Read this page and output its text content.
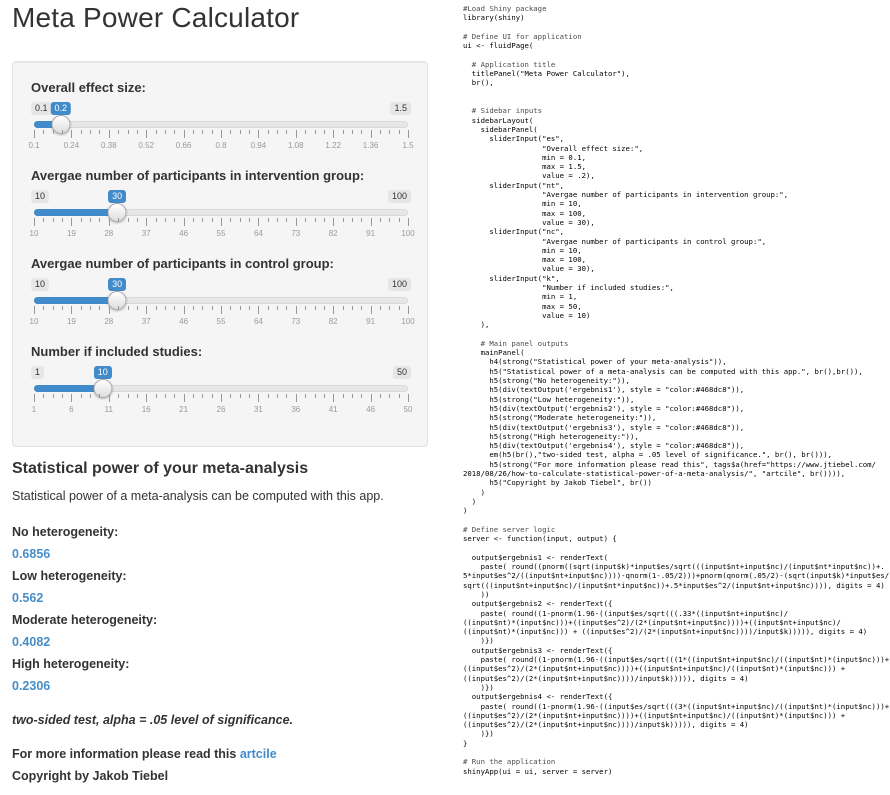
Meta Power Calculator
Overall effect size:
0.1	1.5
0.2
0.1	0.24	0.38	0.52	0.66	0.8	0.94	1.08	1.22	1.36	1.5
Avergae number of participants in intervention group:
10	100
30
10	19	28	37	46	55	64	73	82	91	100
Avergae number of participants in control group:
10	100
30
10	19	28	37	46	55	64	73	82	91	100
Number if included studies:
1	50
10
1	6	11	16	21	26	31	36	41	46	50
Statistical power of your meta-analysis
Statistical power of a meta-analysis can be computed with this app.
No heterogeneity:
0.6856
Low heterogeneity:
0.562
Moderate heterogeneity:
0.4082
High heterogeneity:
0.2306
two-sided test, alpha = .05 level of significance.
For more information please read this artcile
Copyright by Jakob Tiebel
#Load Shiny package
library(shiny)
# Define UI for application
ui <- fluidPage(
# Application title
titlePanel("Meta Power Calculator"),
br(),
# Sidebar inputs
sidebarLayout(
sidebarPanel(
sliderInput("es",
"Overall effect size:",
min = 0.1,
max = 1.5,
value = .2),
sliderInput("nt",
"Avergae number of participants in intervention group:",
min = 10,
max = 100,
value = 30),
sliderInput("nc",
"Avergae number of participants in control group:",
min = 10,
max = 100,
value = 30),
sliderInput("k",
"Number if included studies:",
min = 1,
max = 50,
value = 10)
),
# Main panel outputs
mainPanel(
h4(strong("Statistical power of your meta-analysis")),
h5("Statistical power of a meta-analysis can be computed with this app.", br(),br()),
h5(strong("No heterogeneity:")),
h5(div(textOutput('ergebnis1'), style = "color:#468dc8")),
h5(strong("Low heterogeneity:")),
h5(div(textOutput('ergebnis2'), style = "color:#468dc8")),
h5(strong("Moderate heterogeneity:")),
h5(div(textOutput('ergebnis3'), style = "color:#468dc8")),
h5(strong("High heterogeneity:")),
h5(div(textOutput('ergebnis4'), style = "color:#468dc8")),
em(h5(br(),"two-sided test, alpha = .05 level of significance.", br(), br())),
h5(strong("For more information please read this", tags$a(href="https://www.jtiebel.com/
2018/08/26/how-to-calculate-statistical-power-of-a-meta-analysis/", "artcile", br()))),
h5("Copyright by Jakob Tiebel", br())
)
)
)
# Define server logic
server <- function(input, output) {
output$ergebnis1 <- renderText(
paste( round((pnorm((sqrt(input$k)*input$es/sqrt(((input$nt+input$nc)/(input$nt*input$nc))+.
5*input$es^2/((input$nt+input$nc))))-qnorm(1-.05/2)))+pnorm(qnorm(.05/2)-(sqrt(input$k)*input$es/
sqrt(((input$nt+input$nc)/(input$nt*input$nc))+.5*input$es^2/(input$nt+input$nc)))), digits = 4)
))
output$ergebnis2 <- renderText({
paste( round((1-pnorm(1.96-((input$es/sqrt(((.33*((input$nt+input$nc)/
((input$nt)*(input$nc)))+((input$es^2)/(2*(input$nt+input$nc))))+((input$nt+input$nc)/
((input$nt)*(input$nc))) + ((input$es^2)/(2*(input$nt+input$nc))))/input$k))))), digits = 4)
)})
output$ergebnis3 <- renderText({
paste( round((1-pnorm(1.96-((input$es/sqrt(((1*((input$nt+input$nc)/((input$nt)*(input$nc)))+
((input$es^2)/(2*(input$nt+input$nc))))+((input$nt+input$nc)/((input$nt)*(input$nc))) +
((input$es^2)/(2*(input$nt+input$nc))))/input$k))))), digits = 4)
)})
output$ergebnis4 <- renderText({
paste( round((1-pnorm(1.96-((input$es/sqrt(((3*((input$nt+input$nc)/((input$nt)*(input$nc)))+
((input$es^2)/(2*(input$nt+input$nc))))+((input$nt+input$nc)/((input$nt)*(input$nc))) +
((input$es^2)/(2*(input$nt+input$nc))))/input$k))))), digits = 4)
)})
}
# Run the application
shinyApp(ui = ui, server = server)
